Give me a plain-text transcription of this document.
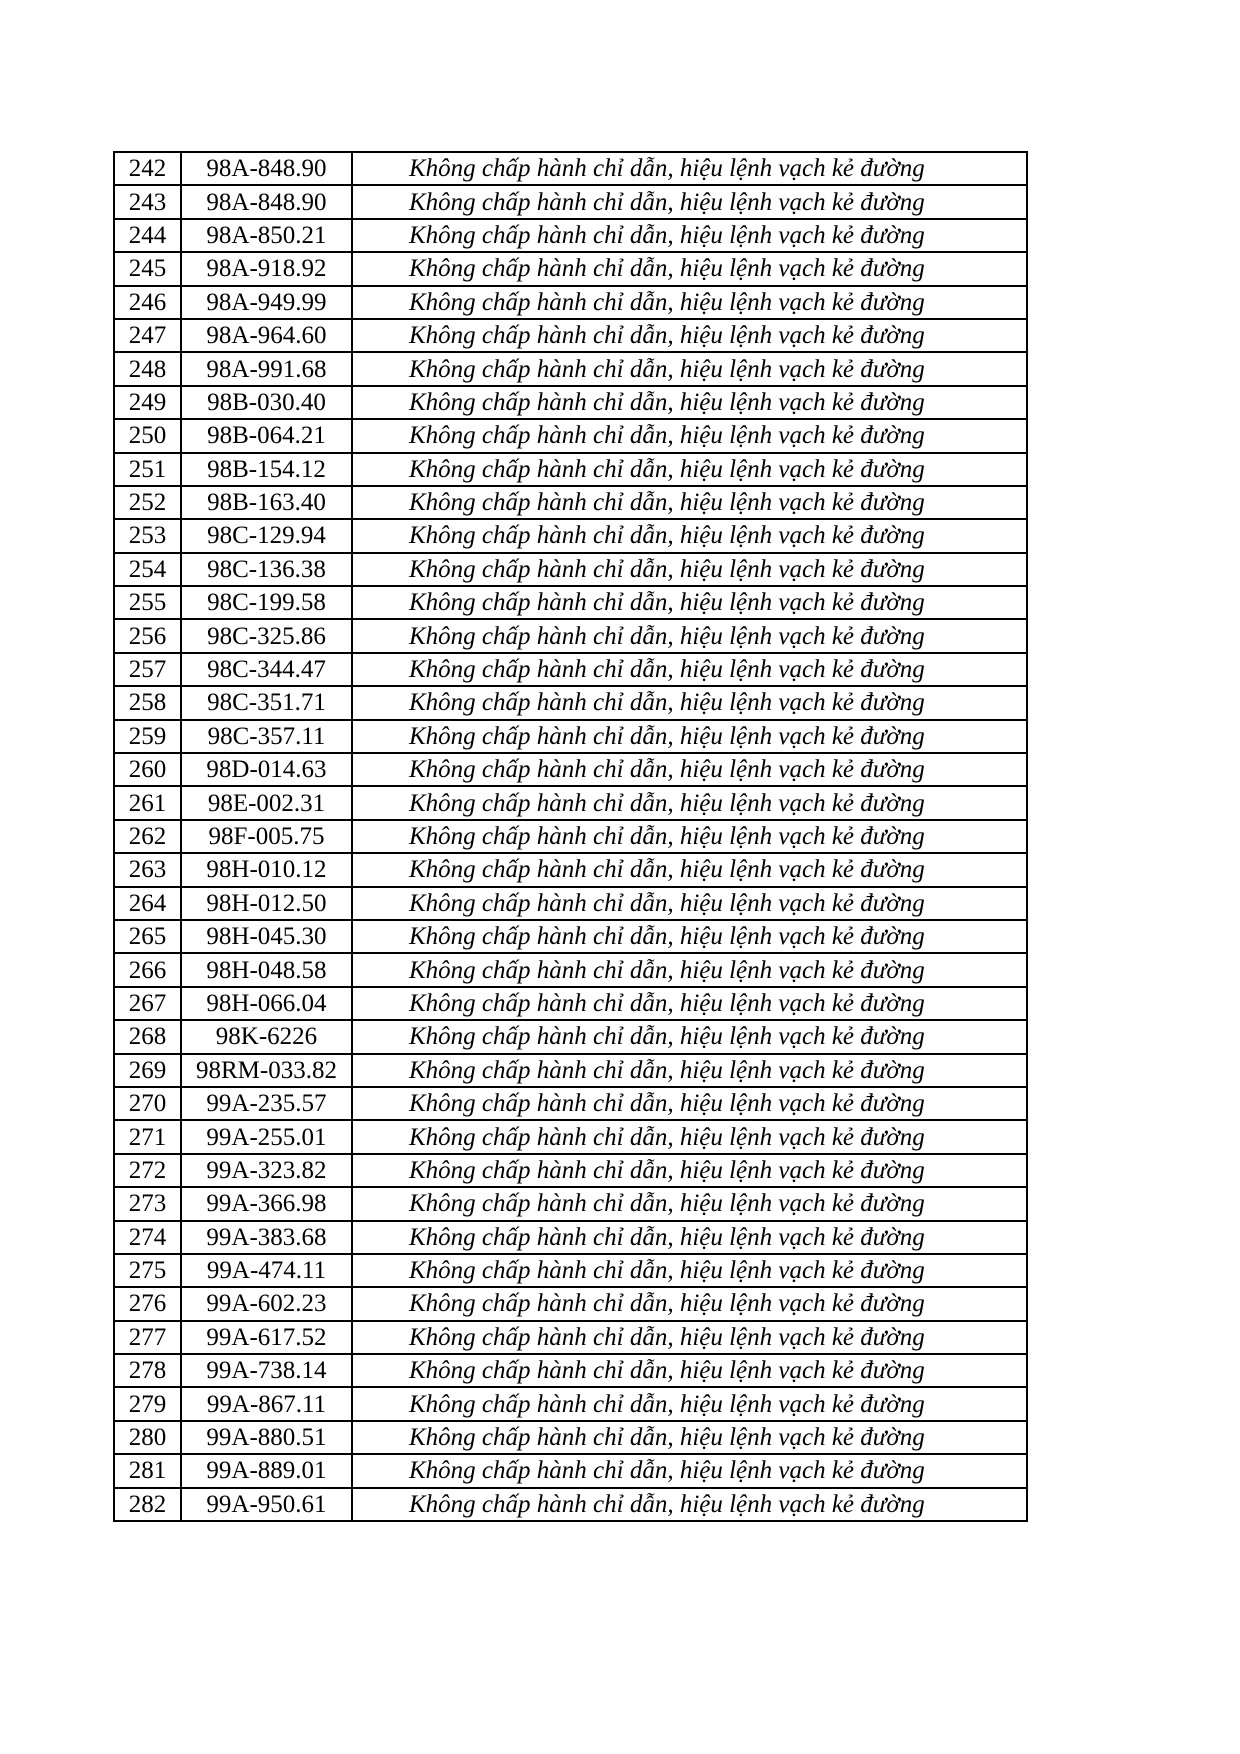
242	98A-848.90	Không chấp hành chỉ dẫn, hiệu lệnh vạch kẻ đường
243	98A-848.90	Không chấp hành chỉ dẫn, hiệu lệnh vạch kẻ đường
244	98A-850.21	Không chấp hành chỉ dẫn, hiệu lệnh vạch kẻ đường
245	98A-918.92	Không chấp hành chỉ dẫn, hiệu lệnh vạch kẻ đường
246	98A-949.99	Không chấp hành chỉ dẫn, hiệu lệnh vạch kẻ đường
247	98A-964.60	Không chấp hành chỉ dẫn, hiệu lệnh vạch kẻ đường
248	98A-991.68	Không chấp hành chỉ dẫn, hiệu lệnh vạch kẻ đường
249	98B-030.40	Không chấp hành chỉ dẫn, hiệu lệnh vạch kẻ đường
250	98B-064.21	Không chấp hành chỉ dẫn, hiệu lệnh vạch kẻ đường
251	98B-154.12	Không chấp hành chỉ dẫn, hiệu lệnh vạch kẻ đường
252	98B-163.40	Không chấp hành chỉ dẫn, hiệu lệnh vạch kẻ đường
253	98C-129.94	Không chấp hành chỉ dẫn, hiệu lệnh vạch kẻ đường
254	98C-136.38	Không chấp hành chỉ dẫn, hiệu lệnh vạch kẻ đường
255	98C-199.58	Không chấp hành chỉ dẫn, hiệu lệnh vạch kẻ đường
256	98C-325.86	Không chấp hành chỉ dẫn, hiệu lệnh vạch kẻ đường
257	98C-344.47	Không chấp hành chỉ dẫn, hiệu lệnh vạch kẻ đường
258	98C-351.71	Không chấp hành chỉ dẫn, hiệu lệnh vạch kẻ đường
259	98C-357.11	Không chấp hành chỉ dẫn, hiệu lệnh vạch kẻ đường
260	98D-014.63	Không chấp hành chỉ dẫn, hiệu lệnh vạch kẻ đường
261	98E-002.31	Không chấp hành chỉ dẫn, hiệu lệnh vạch kẻ đường
262	98F-005.75	Không chấp hành chỉ dẫn, hiệu lệnh vạch kẻ đường
263	98H-010.12	Không chấp hành chỉ dẫn, hiệu lệnh vạch kẻ đường
264	98H-012.50	Không chấp hành chỉ dẫn, hiệu lệnh vạch kẻ đường
265	98H-045.30	Không chấp hành chỉ dẫn, hiệu lệnh vạch kẻ đường
266	98H-048.58	Không chấp hành chỉ dẫn, hiệu lệnh vạch kẻ đường
267	98H-066.04	Không chấp hành chỉ dẫn, hiệu lệnh vạch kẻ đường
268	98K-6226	Không chấp hành chỉ dẫn, hiệu lệnh vạch kẻ đường
269	98RM-033.82	Không chấp hành chỉ dẫn, hiệu lệnh vạch kẻ đường
270	99A-235.57	Không chấp hành chỉ dẫn, hiệu lệnh vạch kẻ đường
271	99A-255.01	Không chấp hành chỉ dẫn, hiệu lệnh vạch kẻ đường
272	99A-323.82	Không chấp hành chỉ dẫn, hiệu lệnh vạch kẻ đường
273	99A-366.98	Không chấp hành chỉ dẫn, hiệu lệnh vạch kẻ đường
274	99A-383.68	Không chấp hành chỉ dẫn, hiệu lệnh vạch kẻ đường
275	99A-474.11	Không chấp hành chỉ dẫn, hiệu lệnh vạch kẻ đường
276	99A-602.23	Không chấp hành chỉ dẫn, hiệu lệnh vạch kẻ đường
277	99A-617.52	Không chấp hành chỉ dẫn, hiệu lệnh vạch kẻ đường
278	99A-738.14	Không chấp hành chỉ dẫn, hiệu lệnh vạch kẻ đường
279	99A-867.11	Không chấp hành chỉ dẫn, hiệu lệnh vạch kẻ đường
280	99A-880.51	Không chấp hành chỉ dẫn, hiệu lệnh vạch kẻ đường
281	99A-889.01	Không chấp hành chỉ dẫn, hiệu lệnh vạch kẻ đường
282	99A-950.61	Không chấp hành chỉ dẫn, hiệu lệnh vạch kẻ đường
